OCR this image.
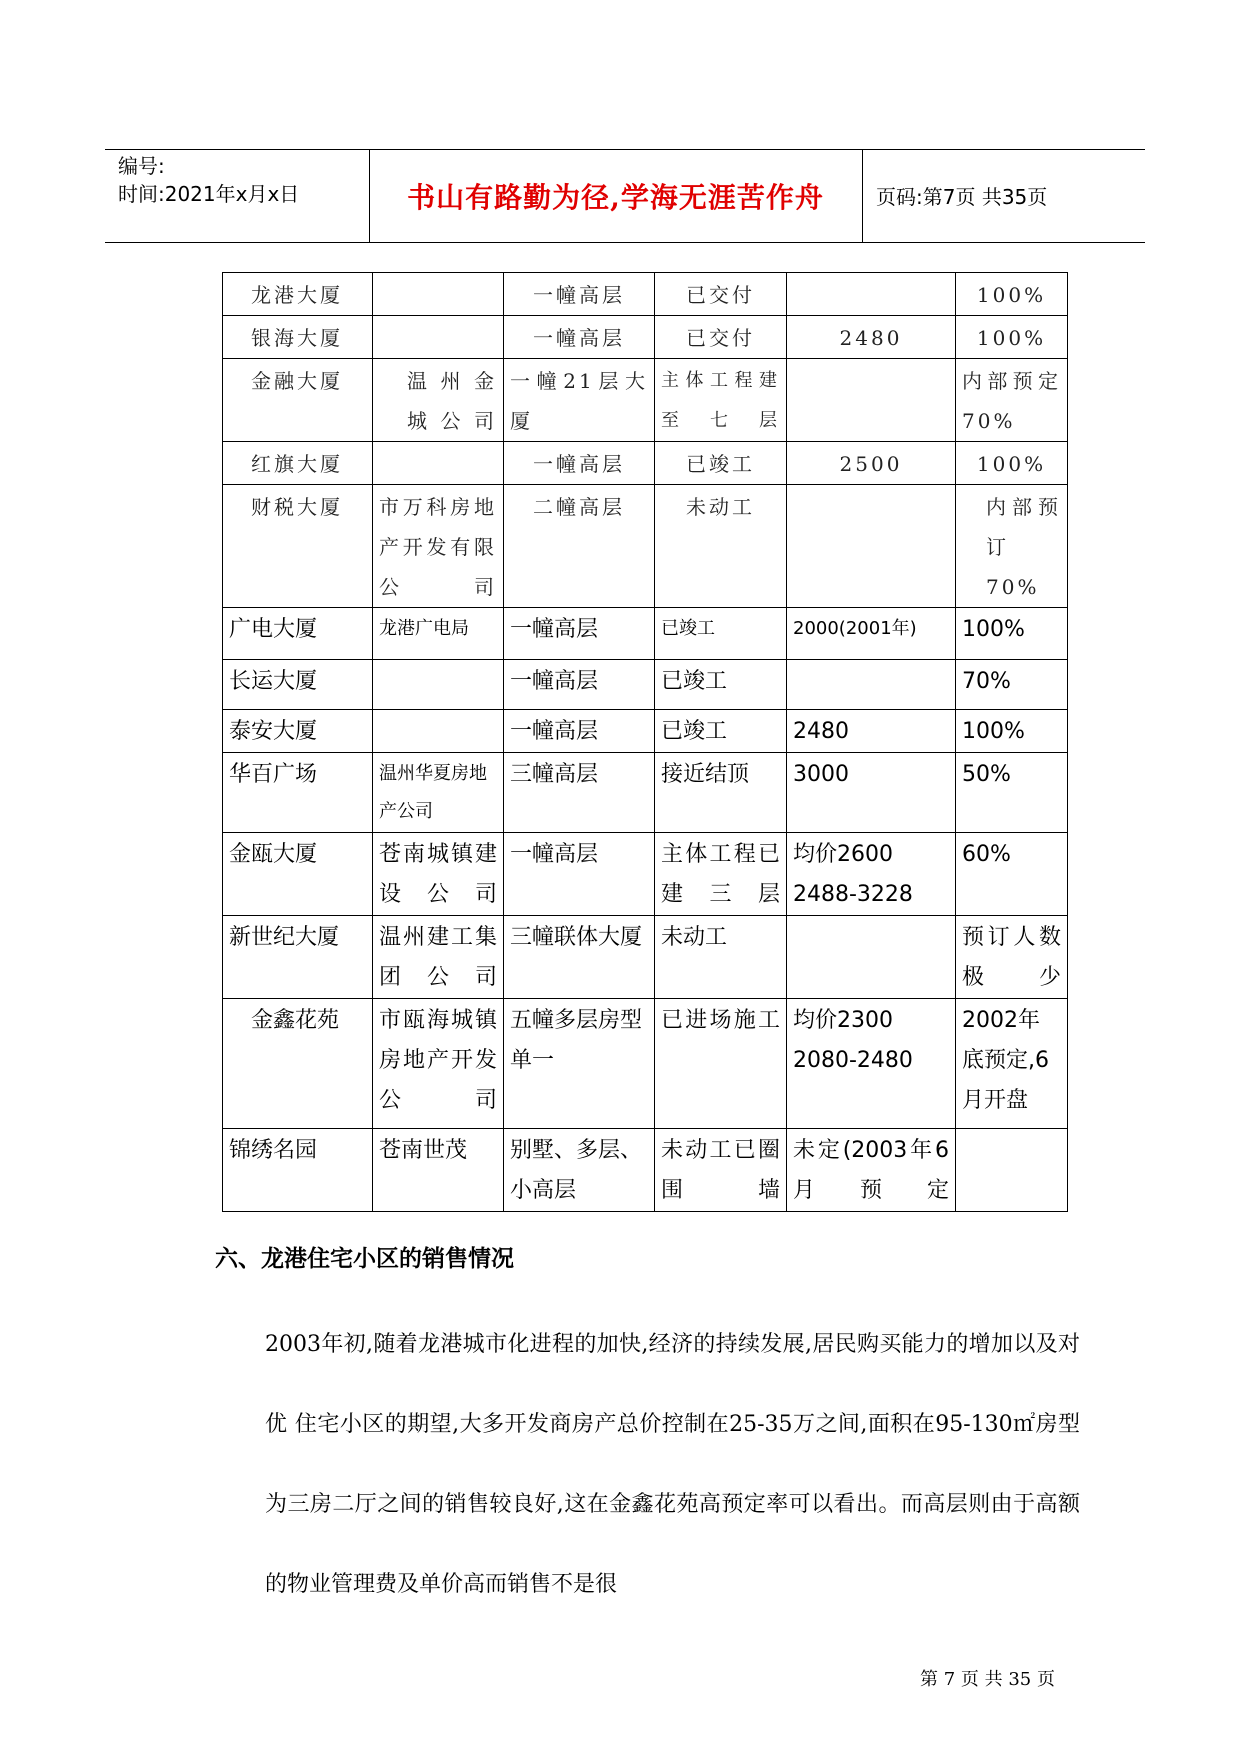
编号:
时间:2021年x月x日	书山有路勤为径,学海无涯苦作舟	页码:第7页 共35页
龙港大厦		一幢高层	已交付		100%
银海大厦		一幢高层	已交付	2480	100%
金融大厦	温州金城公司	一幢21层大厦	主体工程建至七层		内部预定70%
红旗大厦		一幢高层	已竣工	2500	100%
财税大厦	市万科房地产开发有限公司	二幢高层	未动工		内部预订70%
广电大厦	龙港广电局	一幢高层	已竣工	2000(2001年)	100%
长运大厦		一幢高层	已竣工		70%
泰安大厦		一幢高层	已竣工	2480	100%
华百广场	温州华夏房地产公司	三幢高层	接近结顶	3000	50%
金瓯大厦	苍南城镇建设公司	一幢高层	主体工程已建三层	均价2600 2488-3228	60%
新世纪大厦	温州建工集团公司	三幢联体大厦	未动工		预订人数极少
金鑫花苑	市瓯海城镇房地产开发公司	五幢多层房型单一	已进场施工	均价2300 2080-2480	2002年底预定,6月开盘
锦绣名园	苍南世茂	别墅、多层、小高层	未动工已圈围墙	未定(2003年6月预定	
六、龙港住宅小区的销售情况

2003年初,随着龙港城市化进程的加快,经济的持续发展,居民购买能力的增加以及对优 住宅小区的期望,大多开发商房产总价控制在25-35万之间,面积在95-130㎡房型为三房二厅之间的销售较良好,这在金鑫花苑高预定率可以看出。而高层则由于高额的物业管理费及单价高而销售不是很

第 7 页 共 35 页
